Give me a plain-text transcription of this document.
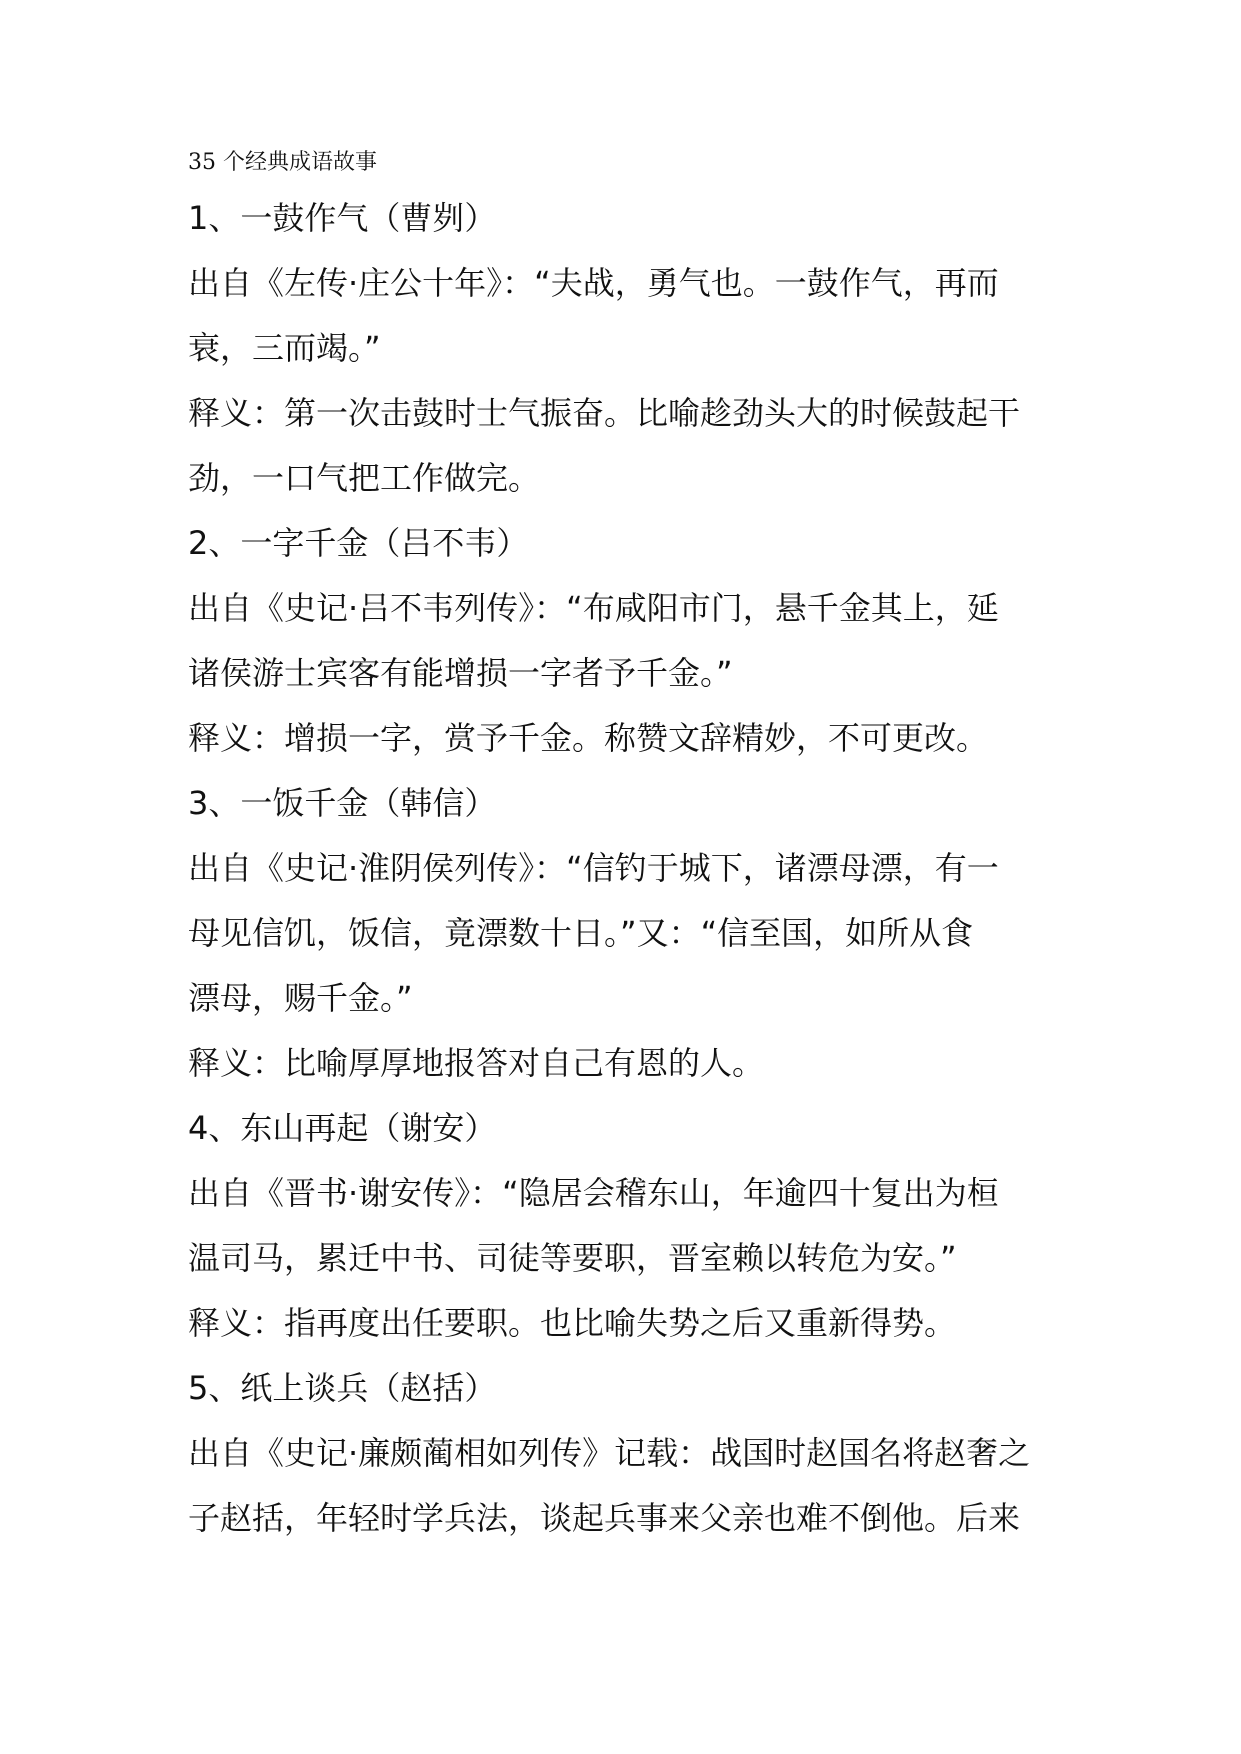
35 个经典成语故事
1、一鼓作气（曹刿）
出自《左传·庄公十年》：“夫战，勇气也。一鼓作气，再而
衰，三而竭。”
释义：第一次击鼓时士气振奋。比喻趁劲头大的时候鼓起干
劲，一口气把工作做完。
2、一字千金（吕不韦）
出自《史记·吕不韦列传》：“布咸阳市门，悬千金其上，延
诸侯游士宾客有能增损一字者予千金。”
释义：增损一字，赏予千金。称赞文辞精妙，不可更改。
3、一饭千金（韩信）
出自《史记·淮阴侯列传》：“信钓于城下，诸漂母漂，有一
母见信饥，饭信，竟漂数十日。”又：“信至国，如所从食
漂母，赐千金。”
释义：比喻厚厚地报答对自己有恩的人。
4、东山再起（谢安）
出自《晋书·谢安传》：“隐居会稽东山，年逾四十复出为桓
温司马，累迁中书、司徒等要职，晋室赖以转危为安。”
释义：指再度出任要职。也比喻失势之后又重新得势。
5、纸上谈兵（赵括）
出自《史记·廉颇蔺相如列传》记载：战国时赵国名将赵奢之
子赵括，年轻时学兵法，谈起兵事来父亲也难不倒他。后来
